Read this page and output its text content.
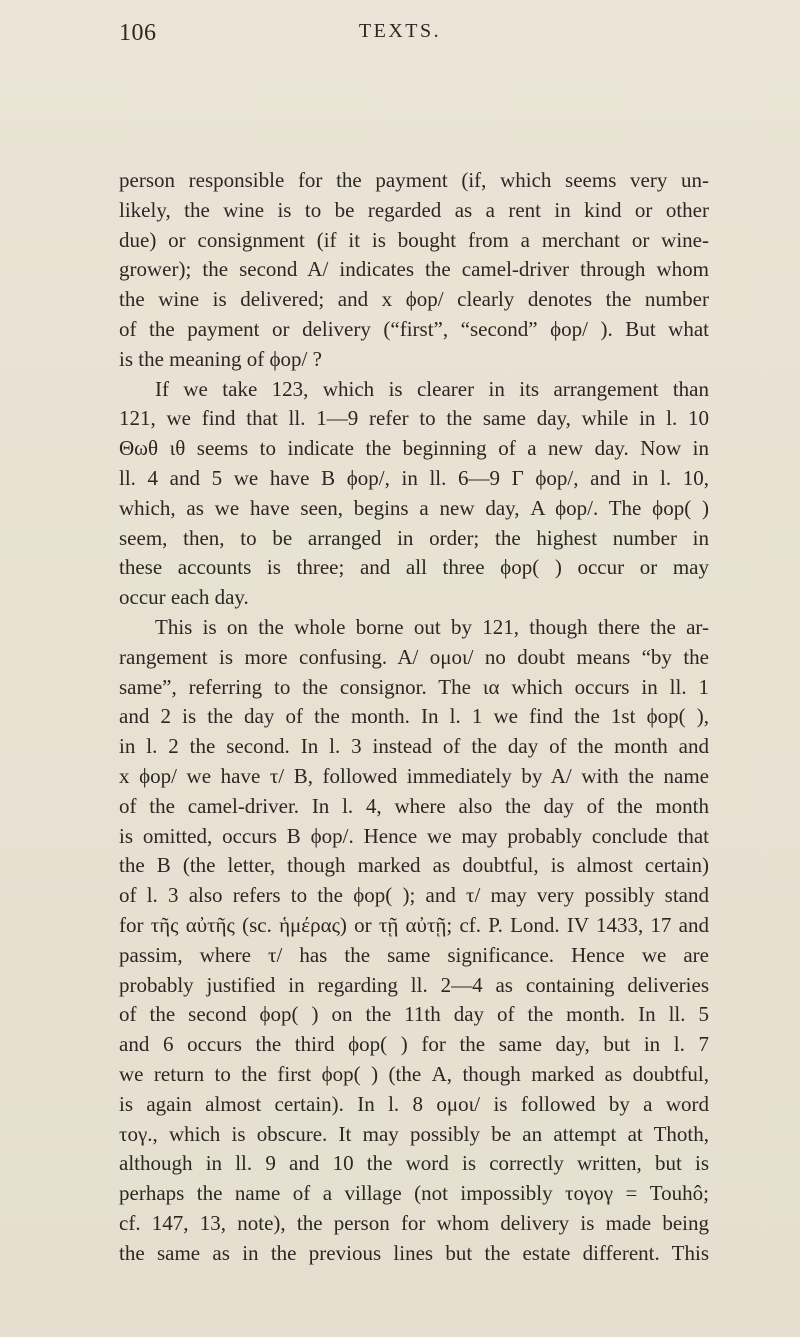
106	TEXTS.
person responsible for the payment (if, which seems very un-
likely, the wine is to be regarded as a rent in kind or other
due) or consignment (if it is bought from a merchant or wine-
grower); the second A/ indicates the camel-driver through whom
the wine is delivered; and x ϕop/ clearly denotes the number
of the payment or delivery (“first”, “second” ϕop/ ). But what
is the meaning of ϕop/ ?
If we take 123, which is clearer in its arrangement than
121, we find that ll. 1—9 refer to the same day, while in l. 10
Θωθ ιθ seems to indicate the beginning of a new day. Now in
ll. 4 and 5 we have Β ϕop/, in ll. 6—9 Γ ϕop/, and in l. 10,
which, as we have seen, begins a new day, Α ϕop/. The ϕop( )
seem, then, to be arranged in order; the highest number in
these accounts is three; and all three ϕop( ) occur or may
occur each day.
This is on the whole borne out by 121, though there the ar-
rangement is more confusing. A/ ομοι/ no doubt means “by the
same”, referring to the consignor. The ια which occurs in ll. 1
and 2 is the day of the month. In l. 1 we find the 1st ϕop( ),
in l. 2 the second. In l. 3 instead of the day of the month and
x ϕop/ we have τ/ Β, followed immediately by A/ with the name
of the camel-driver. In l. 4, where also the day of the month
is omitted, occurs Β ϕop/. Hence we may probably conclude that
the Β (the letter, though marked as doubtful, is almost certain)
of l. 3 also refers to the ϕop( ); and τ/ may very possibly stand
for τῆς αὐτῆς (sc. ἡμέρας) or τῇ αὐτῇ; cf. P. Lond. IV 1433, 17 and
passim, where τ/ has the same significance. Hence we are
probably justified in regarding ll. 2—4 as containing deliveries
of the second ϕop( ) on the 11th day of the month. In ll. 5
and 6 occurs the third ϕop( ) for the same day, but in l. 7
we return to the first ϕop( ) (the Α, though marked as doubtful,
is again almost certain). In l. 8 ομοι/ is followed by a word
τογ., which is obscure. It may possibly be an attempt at Thoth,
although in ll. 9 and 10 the word is correctly written, but is
perhaps the name of a village (not impossibly τογογ = Touhô;
cf. 147, 13, note), the person for whom delivery is made being
the same as in the previous lines but the estate different. This
